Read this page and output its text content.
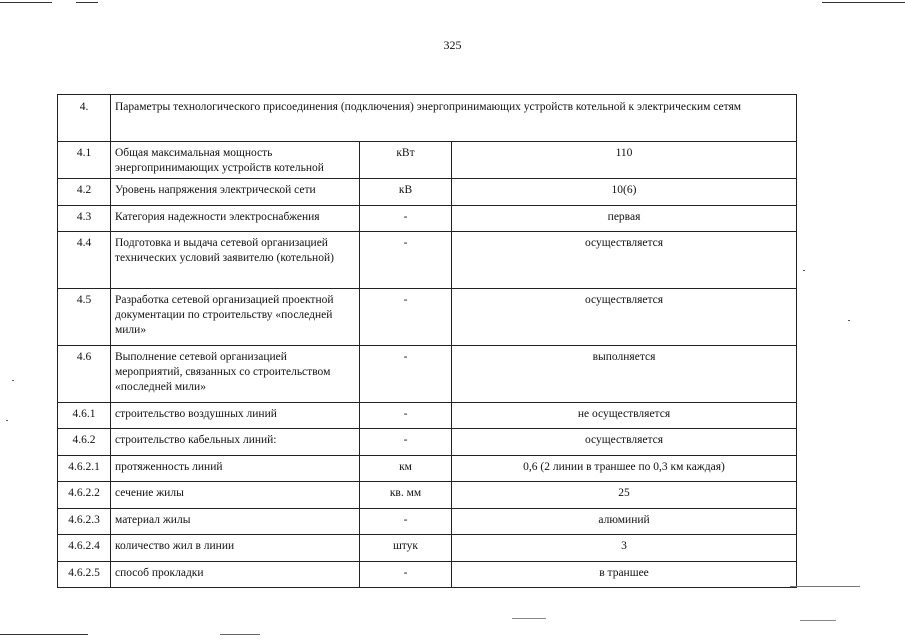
325
4.	Параметры технологического присоединения (подключения) энергопринимающих устройств котельной к электрическим сетям		
4.1	Общая максимальная мощность энергопринимающих устройств котельной	кВт	110
4.2	Уровень напряжения электрической сети	кВ	10(6)
4.3	Категория надежности электроснабжения	-	первая
4.4	Подготовка и выдача сетевой организацией технических условий заявителю (котельной)	-	осуществляется
4.5	Разработка сетевой организацией проектной документации по строительству «последней мили»	-	осуществляется
4.6	Выполнение сетевой организацией мероприятий, связанных со строительством «последней мили»	-	выполняется
4.6.1	строительство воздушных линий	-	не осуществляется
4.6.2	строительство кабельных линий:	-	осуществляется
4.6.2.1	протяженность линий	км	0,6 (2 линии в траншее по 0,3 км каждая)
4.6.2.2	сечение жилы	кв. мм	25
4.6.2.3	материал жилы	-	алюминий
4.6.2.4	количество жил в линии	штук	3
4.6.2.5	способ прокладки	-	в траншее
